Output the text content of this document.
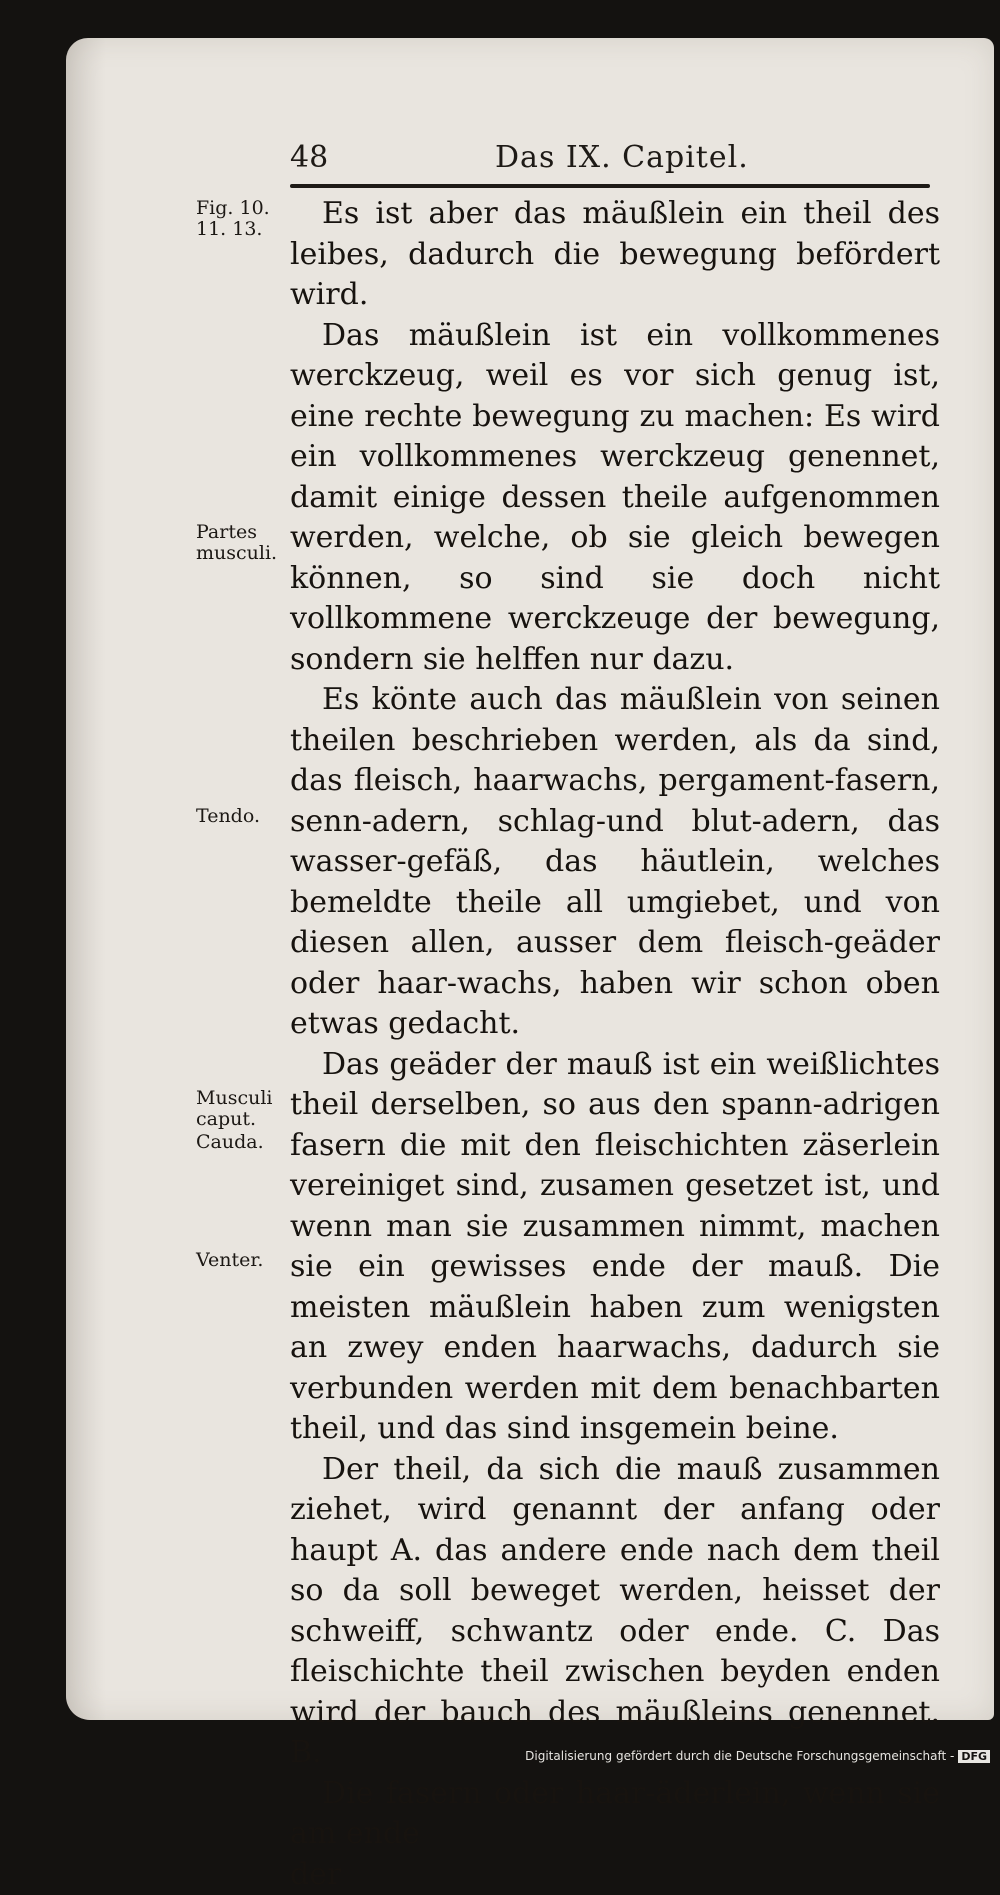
48	Das IX. Capitel.
Fig. 10. 11. 13.
Partes musculi.
Tendo.
Musculi caput.
Cauda.
Venter.

Es ist aber das mäußlein ein theil des leibes, dadurch die bewegung befördert wird.

Das mäußlein ist ein vollkommenes werckzeug, weil es vor sich genug ist, eine rechte bewegung zu machen: Es wird ein vollkommenes werckzeug genennet, damit einige dessen theile aufgenommen werden, welche, ob sie gleich bewegen können, so sind sie doch nicht vollkommene werckzeuge der bewegung, sondern sie helffen nur dazu.

Es könte auch das mäußlein von seinen theilen beschrieben werden, als da sind, das fleisch, haarwachs, pergament-fasern, senn-adern, schlag-und blut-adern, das wasser-gefäß, das häutlein, welches bemeldte theile all umgiebet, und von diesen allen, ausser dem fleisch-geäder oder haar-wachs, haben wir schon oben etwas gedacht.

Das geäder der mauß ist ein weißlichtes theil derselben, so aus den spann-adrigen fasern die mit den fleischichten zäserlein vereiniget sind, zusamen gesetzet ist, und wenn man sie zusammen nimmt, machen sie ein gewisses ende der mauß. Die meisten mäußlein haben zum wenigsten an zwey enden haarwachs, dadurch sie verbunden werden mit dem benachbarten theil, und das sind insgemein beine.

Der theil, da sich die mauß zusammen ziehet, wird genannt der anfang oder haupt A. das andere ende nach dem theil so da soll beweget werden, heisset der schweiff, schwantz oder ende. C. Das fleischichte theil zwischen beyden enden wird der bauch des mäußleins genennet. B.

Die fasern oder haar-äderlein, wenn sie am ende

der

Digitalisierung gefördert durch die Deutsche Forschungsgemeinschaft - DFG
